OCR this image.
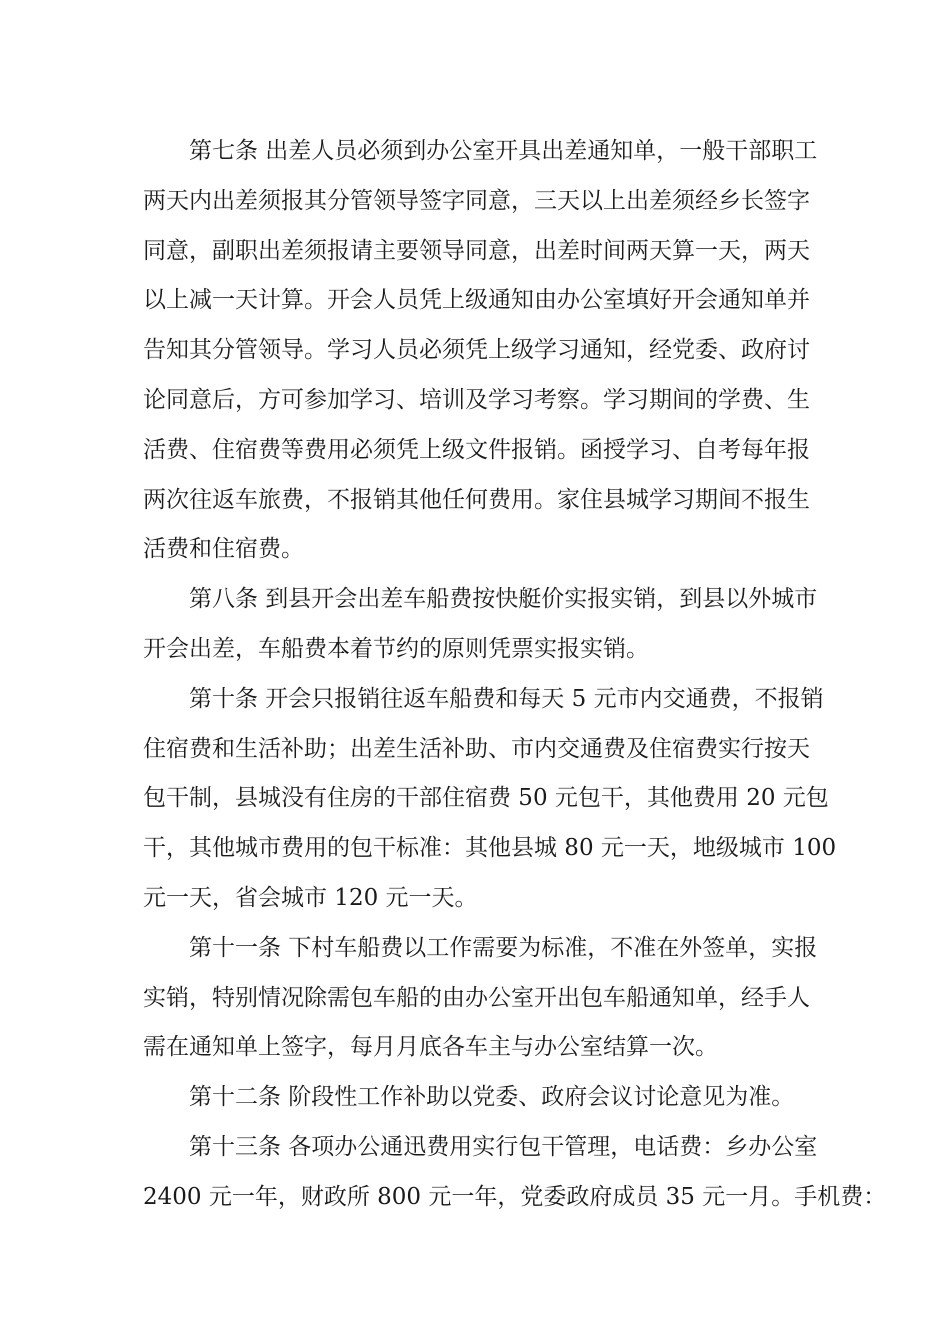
第七条 出差人员必须到办公室开具出差通知单，一般干部职工
两天内出差须报其分管领导签字同意，三天以上出差须经乡长签字
同意，副职出差须报请主要领导同意，出差时间两天算一天，两天
以上减一天计算。开会人员凭上级通知由办公室填好开会通知单并
告知其分管领导。学习人员必须凭上级学习通知，经党委、政府讨
论同意后，方可参加学习、培训及学习考察。学习期间的学费、生
活费、住宿费等费用必须凭上级文件报销。函授学习、自考每年报
两次往返车旅费，不报销其他任何费用。家住县城学习期间不报生
活费和住宿费。
第八条 到县开会出差车船费按快艇价实报实销，到县以外城市
开会出差，车船费本着节约的原则凭票实报实销。
第十条 开会只报销往返车船费和每天 5 元市内交通费，不报销
住宿费和生活补助；出差生活补助、市内交通费及住宿费实行按天
包干制，县城没有住房的干部住宿费 50 元包干，其他费用 20 元包
干，其他城市费用的包干标准：其他县城 80 元一天，地级城市 100
元一天，省会城市 120 元一天。
第十一条 下村车船费以工作需要为标准，不准在外签单，实报
实销，特别情况除需包车船的由办公室开出包车船通知单，经手人
需在通知单上签字，每月月底各车主与办公室结算一次。
第十二条 阶段性工作补助以党委、政府会议讨论意见为准。
第十三条 各项办公通迅费用实行包干管理，电话费：乡办公室
2400 元一年，财政所 800 元一年，党委政府成员 35 元一月。手机费：
